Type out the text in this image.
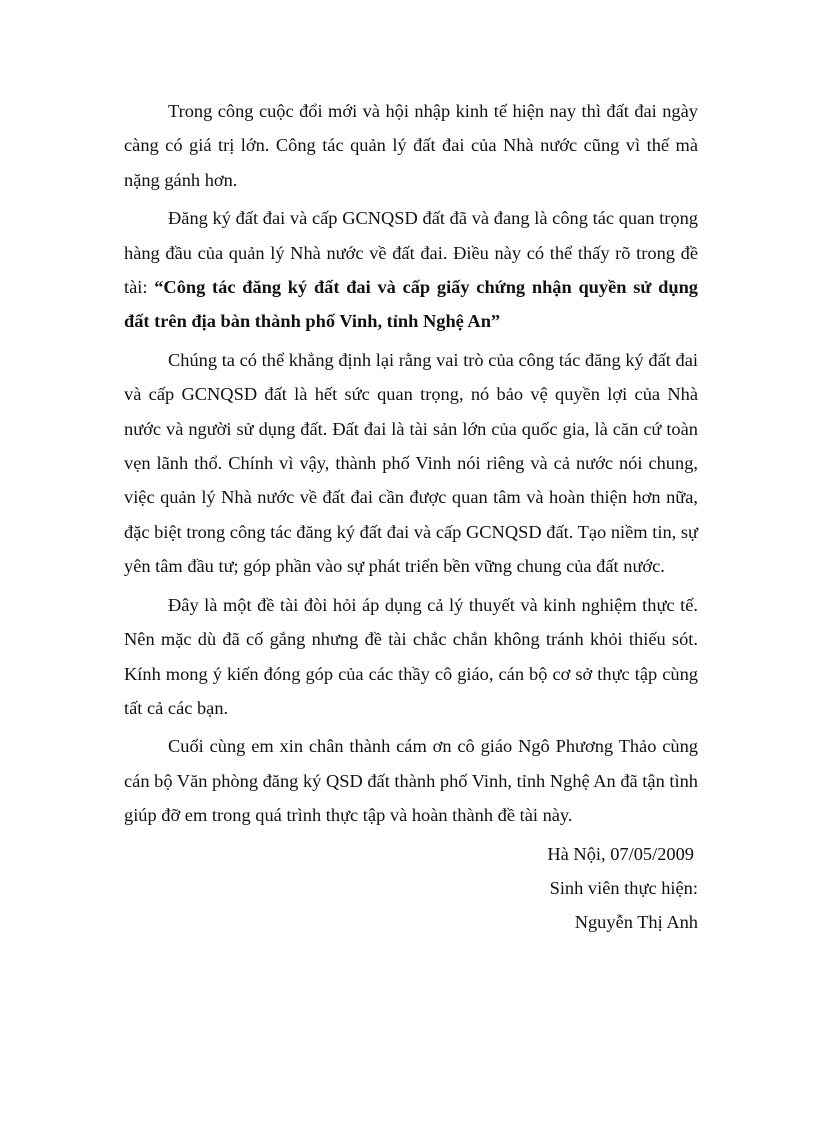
Trong công cuộc đổi mới và hội nhập kinh tế hiện nay thì đất đai ngày càng có giá trị lớn. Công tác quản lý đất đai của Nhà nước cũng vì thế mà nặng gánh hơn.

Đăng ký đất đai và cấp GCNQSD đất đã và đang là công tác quan trọng hàng đầu của quản lý Nhà nước về đất đai. Điều này có thể thấy rõ trong đề tài: “Công tác đăng ký đất đai và cấp giấy chứng nhận quyền sử dụng đất trên địa bàn thành phố Vinh, tỉnh Nghệ An”

Chúng ta có thể khẳng định lại rằng vai trò của công tác đăng ký đất đai và cấp GCNQSD đất là hết sức quan trọng, nó bảo vệ quyền lợi của Nhà nước và người sử dụng đất. Đất đai là tài sản lớn của quốc gia, là căn cứ toàn vẹn lãnh thổ. Chính vì vậy, thành phố Vinh nói riêng và cả nước nói chung, việc quản lý Nhà nước về đất đai cần được quan tâm và hoàn thiện hơn nữa, đặc biệt trong công tác đăng ký đất đai và cấp GCNQSD đất. Tạo niềm tin, sự yên tâm đầu tư; góp phần vào sự phát triển bền vững chung của đất nước.

Đây là một đề tài đòi hỏi áp dụng cả lý thuyết và kinh nghiệm thực tế. Nên mặc dù đã cố gắng nhưng đề tài chắc chắn không tránh khỏi thiếu sót. Kính mong ý kiến đóng góp của các thầy cô giáo, cán bộ cơ sở thực tập cùng tất cả các bạn.

Cuối cùng em xin chân thành cám ơn cô giáo Ngô Phương Thảo cùng cán bộ Văn phòng đăng ký QSD đất thành phố Vinh, tỉnh Nghệ An đã tận tình giúp đỡ em trong quá trình thực tập và hoàn thành đề tài này.

Hà Nội, 07/05/2009

Sinh viên thực hiện:

Nguyễn Thị Anh
